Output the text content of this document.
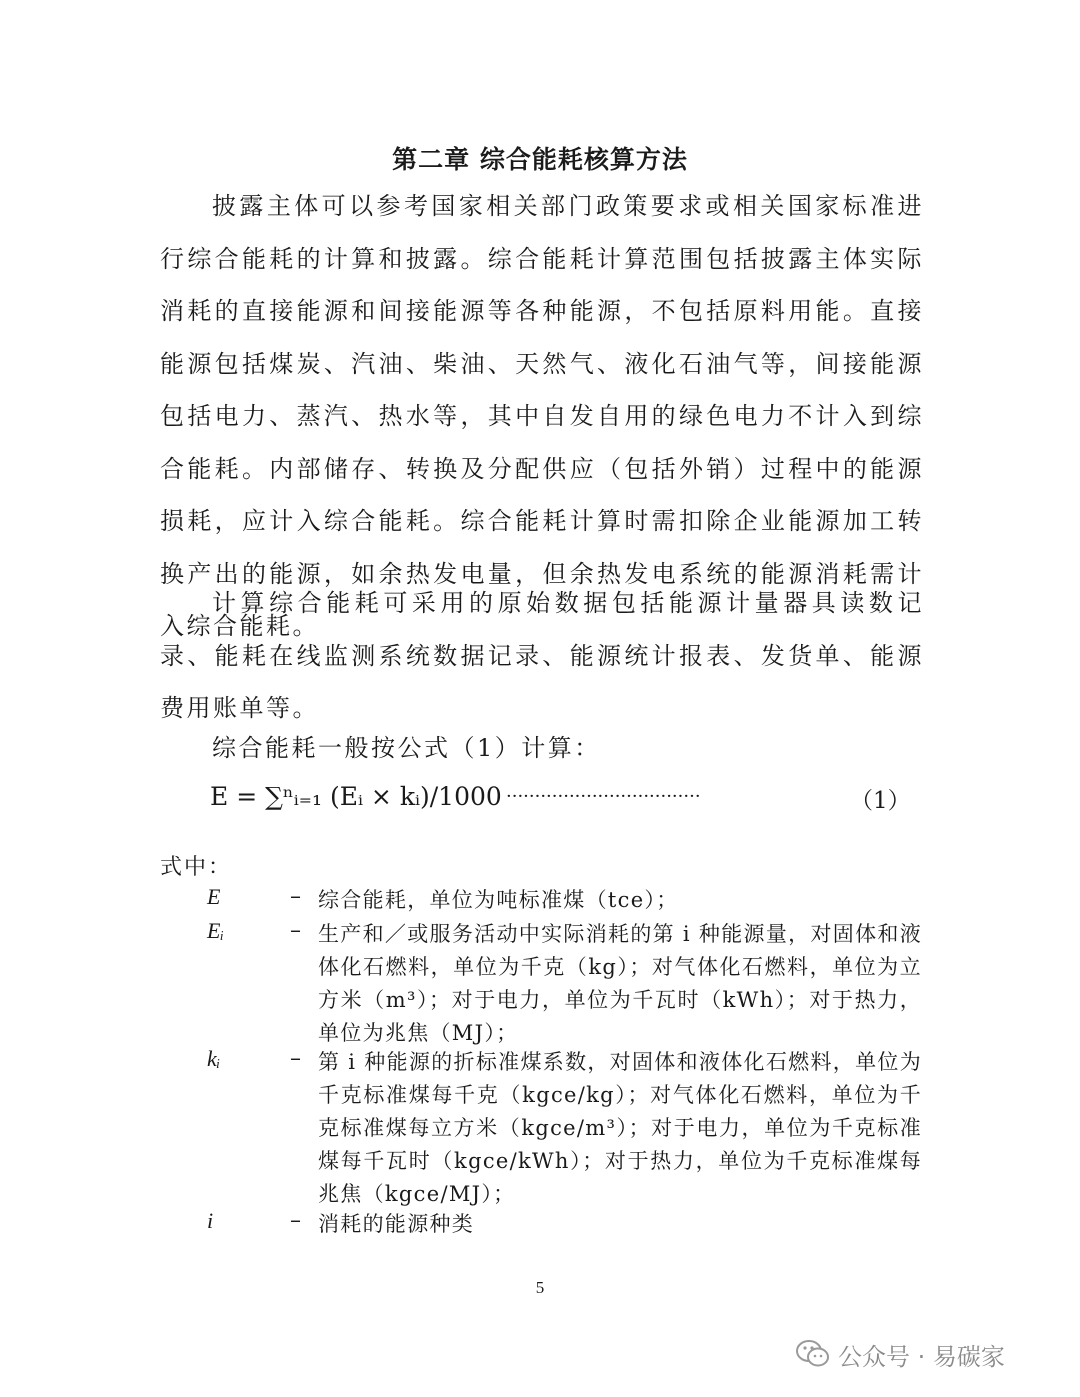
第二章 综合能耗核算方法

披露主体可以参考国家相关部门政策要求或相关国家标准进行综合能耗的计算和披露。综合能耗计算范围包括披露主体实际消耗的直接能源和间接能源等各种能源，不包括原料用能。直接能源包括煤炭、汽油、柴油、天然气、液化石油气等，间接能源包括电力、蒸汽、热水等，其中自发自用的绿色电力不计入到综合能耗。内部储存、转换及分配供应（包括外销）过程中的能源损耗，应计入综合能耗。综合能耗计算时需扣除企业能源加工转换产出的能源，如余热发电量，但余热发电系统的能源消耗需计入综合能耗。

计算综合能耗可采用的原始数据包括能源计量器具读数记录、能耗在线监测系统数据记录、能源统计报表、发货单、能源费用账单等。

综合能耗一般按公式（1）计算：

E = ∑ⁿᵢ₌₁ (Eᵢ × kᵢ)/1000 ··································	（1）
式中：
E	– 综合能耗，单位为吨标准煤（tce）；

Eᵢ	– 生产和／或服务活动中实际消耗的第 i 种能源量，对固体和液体化石燃料，单位为千克（kg）；对气体化石燃料，单位为立方米（m³）；对于电力，单位为千瓦时（kWh）；对于热力，单位为兆焦（MJ）；

kᵢ	– 第 i 种能源的折标准煤系数，对固体和液体化石燃料，单位为千克标准煤每千克（kgce/kg）；对气体化石燃料，单位为千克标准煤每立方米（kgce/m³）；对于电力，单位为千克标准煤每千瓦时（kgce/kWh）；对于热力，单位为千克标准煤每兆焦（kgce/MJ）；

i	– 消耗的能源种类

5
公众号 · 易碳家
